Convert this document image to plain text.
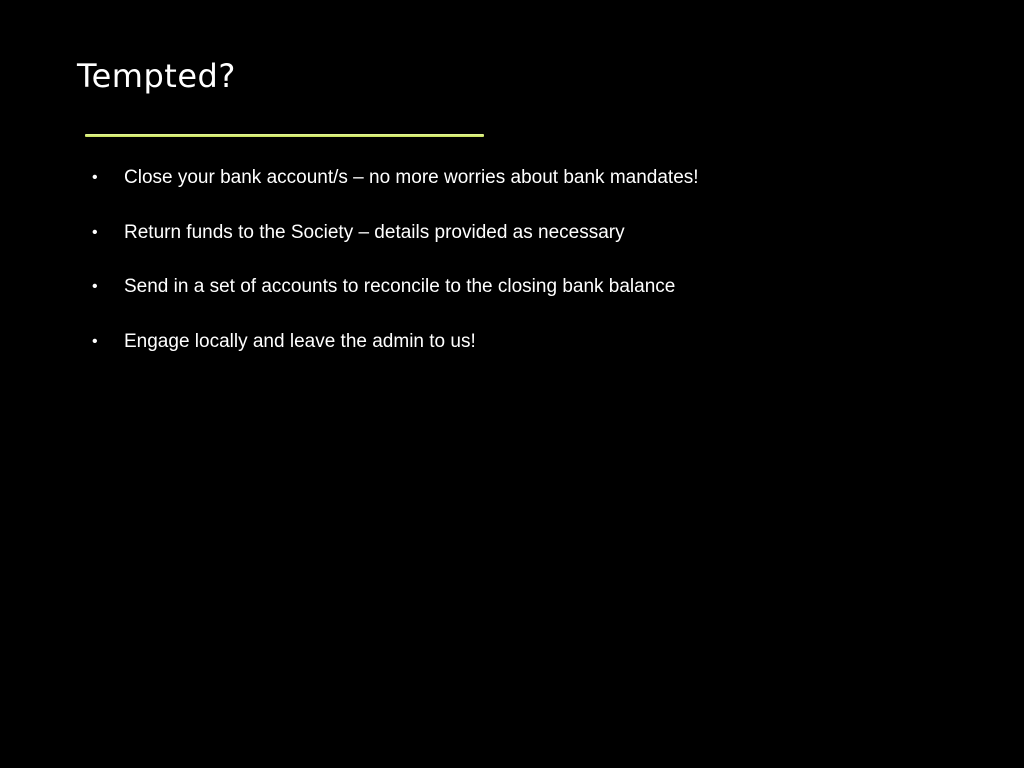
Tempted?
•	Close your bank account/s – no more worries about bank mandates!
•	Return funds to the Society – details provided as necessary
•	Send in a set of accounts to reconcile to the closing bank balance
•	Engage locally and leave the admin to us!
